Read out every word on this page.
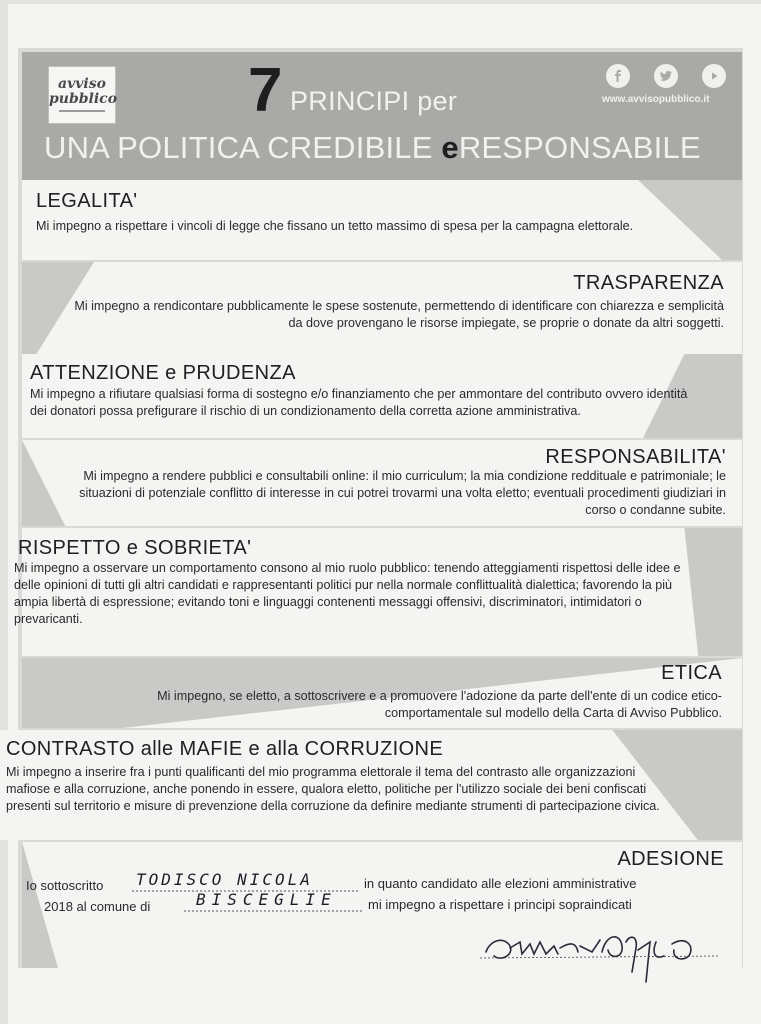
avviso
pubblico 7 PRINCIPI per
UNA POLITICA CREDIBILE eRESPONSABILE
www.avvisopubblico.it
LEGALITA'
Mi impegno a rispettare i vincoli di legge che fissano un tetto massimo di spesa per la campagna elettorale.
TRASPARENZA
Mi impegno a rendicontare pubblicamente le spese sostenute, permettendo di identificare con chiarezza e semplicità da dove provengano le risorse impiegate, se proprie o donate da altri soggetti.
ATTENZIONE e PRUDENZA
Mi impegno a rifiutare qualsiasi forma di sostegno e/o finanziamento che per ammontare del contributo ovvero identità dei donatori possa prefigurare il rischio di un condizionamento della corretta azione amministrativa.
RESPONSABILITA'
Mi impegno a rendere pubblici e consultabili online: il mio curriculum; la mia condizione reddituale e patrimoniale; le situazioni di potenziale conflitto di interesse in cui potrei trovarmi una volta eletto; eventuali procedimenti giudiziari in corso o condanne subite.
RISPETTO e SOBRIETA'
Mi impegno a osservare un comportamento consono al mio ruolo pubblico: tenendo atteggiamenti rispettosi delle idee e delle opinioni di tutti gli altri candidati e rappresentanti politici pur nella normale conflittualità dialettica; favorendo la più ampia libertà di espressione; evitando toni e linguaggi contenenti messaggi offensivi, discriminatori, intimidatori o prevaricanti.
ETICA
Mi impegno, se eletto, a sottoscrivere e a promuovere l'adozione da parte dell'ente di un codice etico-comportamentale sul modello della Carta di Avviso Pubblico.
CONTRASTO alle MAFIE e alla CORRUZIONE
Mi impegno a inserire fra i punti qualificanti del mio programma elettorale il tema del contrasto alle organizzazioni mafiose e alla corruzione, anche ponendo in essere, qualora eletto, politiche per l'utilizzo sociale dei beni confiscati presenti sul territorio e misure di prevenzione della corruzione da definire mediante strumenti di partecipazione civica.
ADESIONE
Io sottoscritto TODISCO NICOLA	in quanto candidato alle elezioni amministrative
2018 al comune di	BISCEGLIE mi impegno a rispettare i principi sopraindicati
